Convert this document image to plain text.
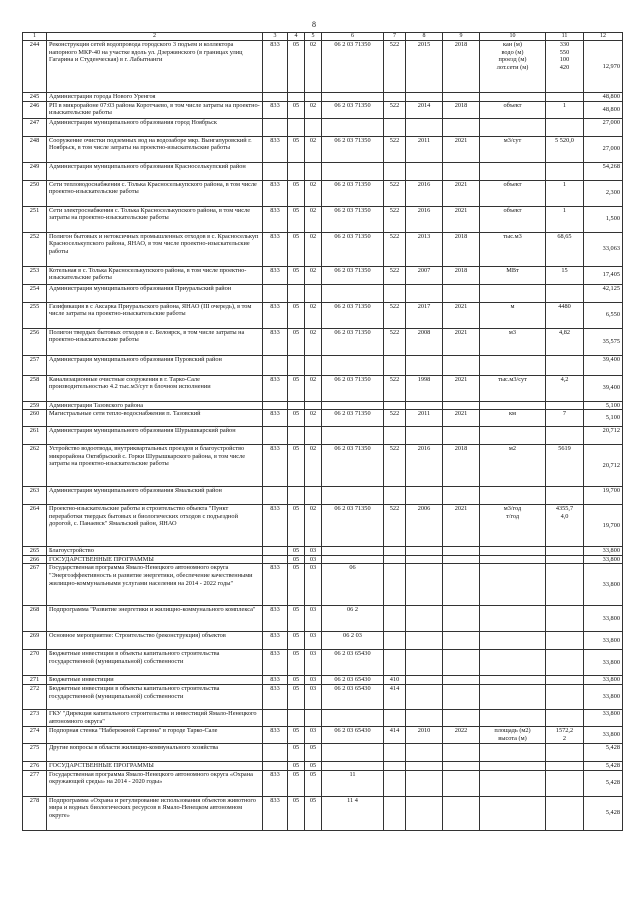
8
1	2	3	4	5	6	7	8	9	10	11	12
244	Реконструкция сетей водопровода городского 3 подъем и коллектора напорного МКР-40 на участке вдоль ул. Дзержинского (в границах улиц Гагарина и Студенческая) в г. Лабытнанги	833	05	02	06 2 03 71350	522	2015	2018	кан (м)
водо (м)
проезд (м)
лот.сети (м)	330
550
100
420	12,970
245	Администрация города Нового Уренгоя										48,800
246	РП в микрорайоне 07:03 района Коротчаево, в том числе затраты на проектно-изыскательские работы	833	05	02	06 2 03 71350	522	2014	2018	объект	1	48,800
247	Администрация муниципального образования город Ноябрьск										27,000
248	Сооружение очистки подземных вод на водозаборе мкр. Вынгапуровский г. Ноябрьск, в том числе затраты на проектно-изыскательские работы	833	05	02	06 2 03 71350	522	2011	2021	м3/сут	5 520,0	27,000
249	Администрация муниципального образования Красноселькупский район										54,268
250	Сети тепловодоснабжения с. Толька Красноселькупского района, в том числе проектно-изыскательские работы	833	05	02	06 2 03 71350	522	2016	2021	объект	1	2,300
251	Сети электроснабжения с. Толька Красноселькупского района, в том числе затраты на проектно-изыскательские работы	833	05	02	06 2 03 71350	522	2016	2021	объект	1	1,500
252	Полигон бытовых и нетоксичных промышленных отходов в с. Красноселькуп Красноселькупского района, ЯНАО, в том числе проектно-изыскательские работы	833	05	02	06 2 03 71350	522	2013	2018	тыс.м3	68,65	33,063
253	Котельная в с. Толька Красноселькупского района, в том числе проектно-изыскательские работы	833	05	02	06 2 03 71350	522	2007	2018	МВт	15	17,405
254	Администрация муниципального образования Приуральский район										42,125
255	Газификация в с Аксарка Приуральского района, ЯНАО (III очередь), в том числе затраты на проектно-изыскательские работы	833	05	02	06 2 03 71350	522	2017	2021	м	4480	6,550
256	Полигон твердых бытовых отходов в с. Белоярск, в том числе затраты на проектно-изыскательские работы	833	05	02	06 2 03 71350	522	2008	2021	м3	4,82	35,575
257	Администрация муниципального образования Пуровский район										39,400
258	Канализационные очистные сооружения в г. Тарко-Сале производительностью 4.2 тыс.м3/сут в блочном исполнении	833	05	02	06 2 03 71350	522	1998	2021	тыс.м3/сут	4,2	39,400
259	Администрация Тазовского района										5,100
260	Магистральные сети тепло-водоснабжения п. Тазовский	833	05	02	06 2 03 71350	522	2011	2021	км	7	5,100
261	Администрация муниципального образования Шурышкарский район										20,712
262	Устройство водоотвода, внутриквартальных проездов и благоустройство микрорайона Октябрьский с. Горки Шурышкарского района, в том числе затраты на проектно-изыскательские работы	833	05	02	06 2 03 71350	522	2016	2018	м2	5619	20,712
263	Администрация муниципального образования Ямальский район										19,700
264	Проектно-изыскательские работы и строительство объекта "Пункт переработки твердых бытовых и биологических отходов с подъездной дорогой, с. Панаевск" Ямальский район, ЯНАО	833	05	02	06 2 03 71350	522	2006	2021	м3/год
т/год	4355,7
4,0	19,700
265	Благоустройство		05	03							33,800
266	ГОСУДАРСТВЕННЫЕ ПРОГРАММЫ		05	03							33,800
267	Государственная программа Ямало-Ненецкого автономного округа "Энергоэффективность и развитие энергетики, обеспечение качественными жилищно-коммунальными услугами населения на 2014 - 2022 годы"	833	05	03	06						33,800
268	Подпрограмма "Развитие энергетики и жилищно-коммунального комплекса"	833	05	03	06 2						33,800
269	Основное мероприятие: Строительство (реконструкция) объектов	833	05	03	06 2 03						33,800
270	Бюджетные инвестиции в объекты капитального строительства государственной (муниципальной) собственности	833	05	03	06 2 03 65430						33,800
271	Бюджетные инвестиции	833	05	03	06 2 03 65430	410					33,800
272	Бюджетные инвестиции в объекты капитального строительства государственной (муниципальной) собственности	833	05	03	06 2 03 65430	414					33,800
273	ГКУ "Дирекция капитального строительства и инвестиций Ямало-Ненецкого автономного округа"										33,800
274	Подпорная стенка "Набережной Саргина" в городе Тарко-Сале	833	05	03	06 2 03 65430	414	2010	2022	площадь (м2)
высота (м)	1572,2
2	33,800
275	Другие вопросы в области жилищно-коммунального хозяйства		05	05							5,428
276	ГОСУДАРСТВЕННЫЕ ПРОГРАММЫ		05	05							5,428
277	Государственная программа Ямало-Ненецкого автономного округа «Охрана окружающей среды» на 2014 - 2020 годы»	833	05	05	11						5,428
278	Подпрограмма «Охрана и регулирование использования объектов животного мира и водных биологических ресурсов в Ямало-Ненецком автономном округе»	833	05	05	11 4						5,428
